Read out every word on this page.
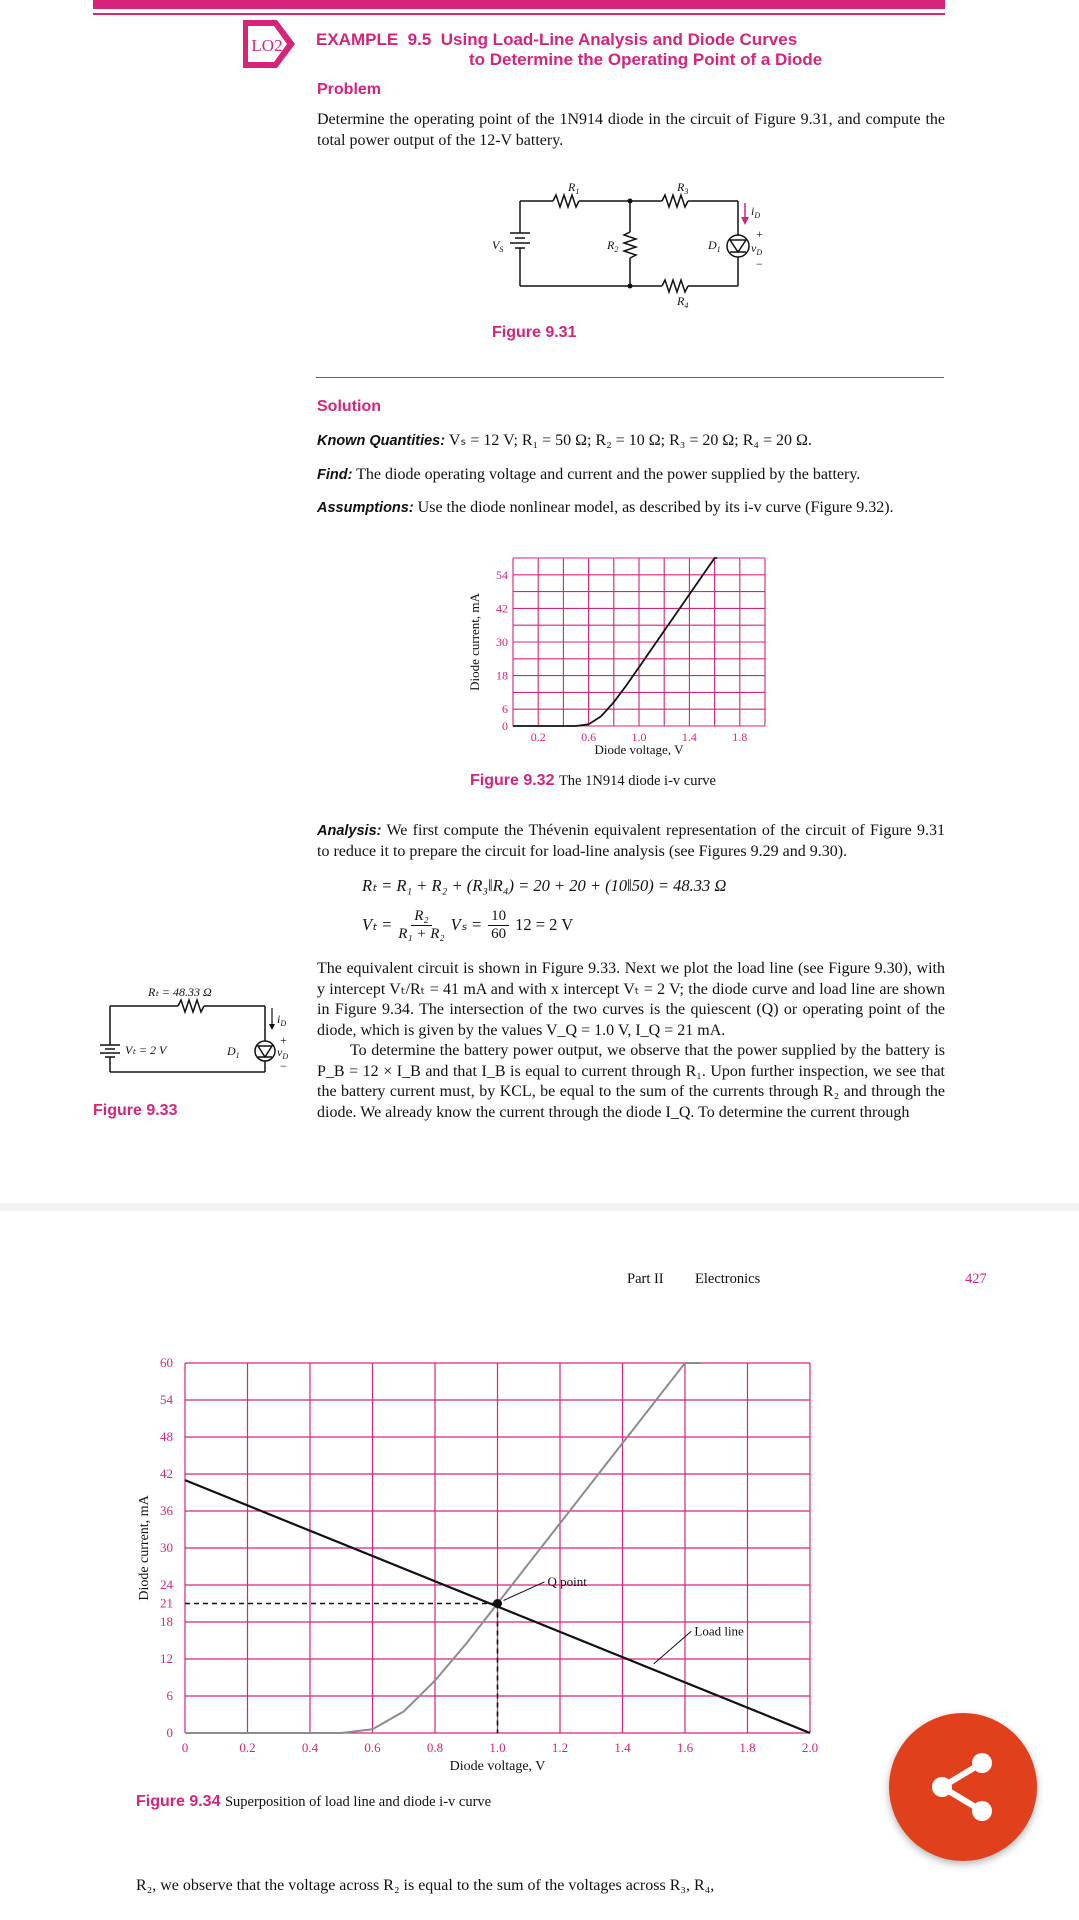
LO2 EXAMPLE 9.5 Using Load-Line Analysis and Diode Curves
to Determine the Operating Point of a Diode
Problem
Determine the operating point of the 1N914 diode in the circuit of Figure 9.31, and compute the total power output of the 12-V battery.
$V_S$
$R_1$
$R_2$
$R_3$
$R_4$
$D_1$
$i_D$
+
$v_D$
−
Figure 9.31
Solution
Known Quantities: Vₛ = 12 V; R₁ = 50 Ω; R₂ = 10 Ω; R₃ = 20 Ω; R₄ = 20 Ω.
Find: The diode operating voltage and current and the power supplied by the battery.
Assumptions: Use the diode nonlinear model, as described by its i-v curve (Figure 9.32).
0.2	0.6	1.0	1.4	1.8
54
42
30
18
6
0
Diode voltage, V
Diode current, mA
Figure 9.32 The 1N914 diode i-v curve
Analysis: We first compute the Thévenin equivalent representation of the circuit of Figure 9.31 to reduce it to prepare the circuit for load-line analysis (see Figures 9.29 and 9.30).
Rₜ = R₁ + R₂ + (R₃‖R₄) = 20 + 20 + (10‖50) = 48.33 Ω
$V_t = \frac{\text{R₂}}{\text{R₁ + R₂}}$ $V_s = \frac{10}{60} 12 = 2$ V
The equivalent circuit is shown in Figure 9.33. Next we plot the load line (see Figure 9.30), with y intercept Vₜ/Rₜ = 41 mA and with x intercept Vₜ = 2 V; the diode curve and load line are shown in Figure 9.34. The intersection of the two curves is the quiescent (Q) or operating point of the diode, which is given by the values V_Q = 1.0 V, I_Q = 21 mA.
To determine the battery power output, we observe that the power supplied by the battery is P_B = 12 × I_B and that I_B is equal to current through R₁. Upon further inspection, we see that the battery current must, by KCL, be equal to the sum of the currents through R₂ and through the diode. We already know the current through the diode I_Q. To determine the current through
Rₜ = 48.33 Ω
Vₜ = 2 V	$D_1$
$i_D$
+
$v_D$
−
Figure 9.33
Part II Electronics	427
0	0.2	0.4	0.6	0.8	1.0	1.2	1.4	1.6	1.8	2.0
0
6
12
18
21
24
30
36
42
48
54
60
Diode voltage, V
Diode current, mA	Q point
Load line
Figure 9.34 Superposition of load line and diode i-v curve
R₂, we observe that the voltage across R₂ is equal to the sum of the voltages across R₃, R₄,
